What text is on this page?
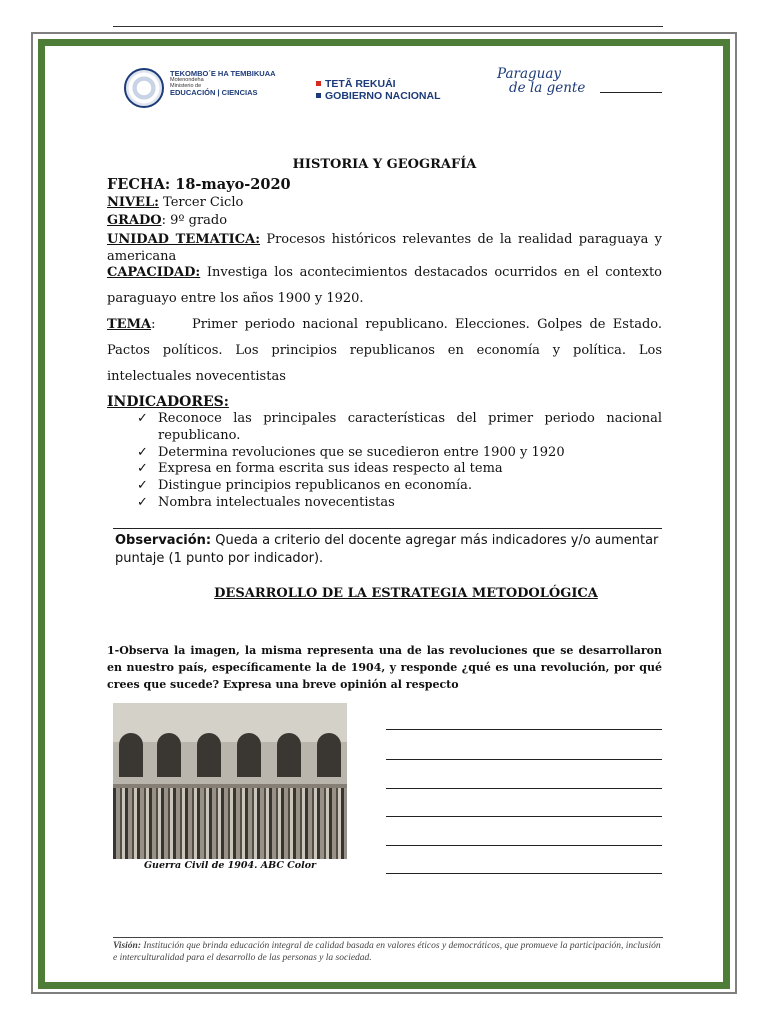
TEKOMBO´E HA TEMBIKUAA
Motenondeha
Ministerio de
EDUCACIÓN | CIENCIAS
TETÃ REKUÁI
GOBIERNO NACIONAL
Paraguay
de la gente

HISTORIA Y GEOGRAFÍA

FECHA: 18-mayo-2020

NIVEL: Tercer Ciclo

GRADO: 9º grado

UNIDAD TEMATICA: Procesos históricos relevantes de la realidad paraguaya y americana

CAPACIDAD: Investiga los acontecimientos destacados ocurridos en el contexto paraguayo entre los años 1900 y 1920.

TEMA:     Primer periodo nacional republicano. Elecciones. Golpes de Estado. Pactos políticos. Los principios republicanos en economía y política. Los intelectuales novecentistas

INDICADORES:

✓ Reconoce las principales características del primer periodo nacional republicano.
✓ Determina revoluciones que se sucedieron entre 1900 y 1920
✓ Expresa en forma escrita sus ideas respecto al tema
✓ Distingue principios republicanos en economía.
✓ Nombra intelectuales novecentistas

Observación: Queda a criterio del docente agregar más indicadores y/o aumentar puntaje (1 punto por indicador).

DESARROLLO DE LA ESTRATEGIA METODOLÓGICA

1-Observa la imagen, la misma representa una de las revoluciones que se desarrollaron en nuestro país, específicamente la de 1904, y responde ¿qué es una revolución, por qué crees que sucede? Expresa una breve opinión al respecto

Guerra Civil de 1904. ABC Color

Visión: Institución que brinda educación integral de calidad basada en valores éticos y democráticos, que promueve la participación, inclusión e interculturalidad para el desarrollo de las personas y la sociedad.
